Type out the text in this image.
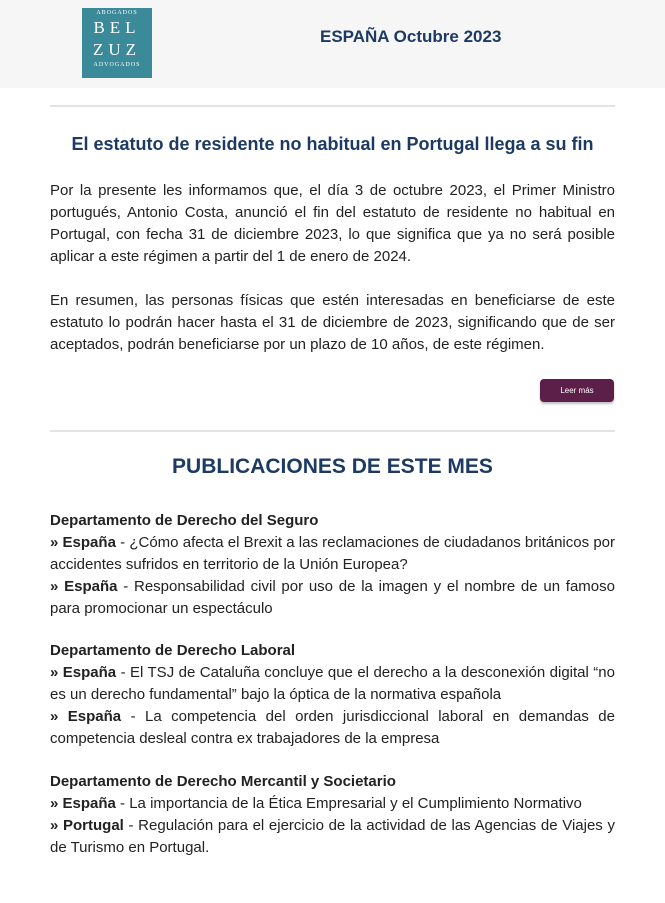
ABOGADOS
BEL
ZUZ
ADVOGADOS
ESPAÑA Octubre 2023
El estatuto de residente no habitual en Portugal llega a su fin

Por la presente les informamos que, el día 3 de octubre 2023, el Primer Ministro portugués, Antonio Costa, anunció el fin del estatuto de residente no habitual en Portugal, con fecha 31 de diciembre 2023, lo que significa que ya no será posible aplicar a este régimen a partir del 1 de enero de 2024.

En resumen, las personas físicas que estén interesadas en beneficiarse de este estatuto lo podrán hacer hasta el 31 de diciembre de 2023, significando que de ser aceptados, podrán beneficiarse por un plazo de 10 años, de este régimen.

Leer más
PUBLICACIONES DE ESTE MES
Departamento de Derecho del Seguro
» España - ¿Cómo afecta el Brexit a las reclamaciones de ciudadanos británicos por accidentes sufridos en territorio de la Unión Europea?
» España - Responsabilidad civil por uso de la imagen y el nombre de un famoso para promocionar un espectáculo
Departamento de Derecho Laboral
» España - El TSJ de Cataluña concluye que el derecho a la desconexión digital “no es un derecho fundamental” bajo la óptica de la normativa española
» España - La competencia del orden jurisdiccional laboral en demandas de competencia desleal contra ex trabajadores de la empresa
Departamento de Derecho Mercantil y Societario
» España - La importancia de la Ética Empresarial y el Cumplimiento Normativo
» Portugal - Regulación para el ejercicio de la actividad de las Agencias de Viajes y de Turismo en Portugal.
